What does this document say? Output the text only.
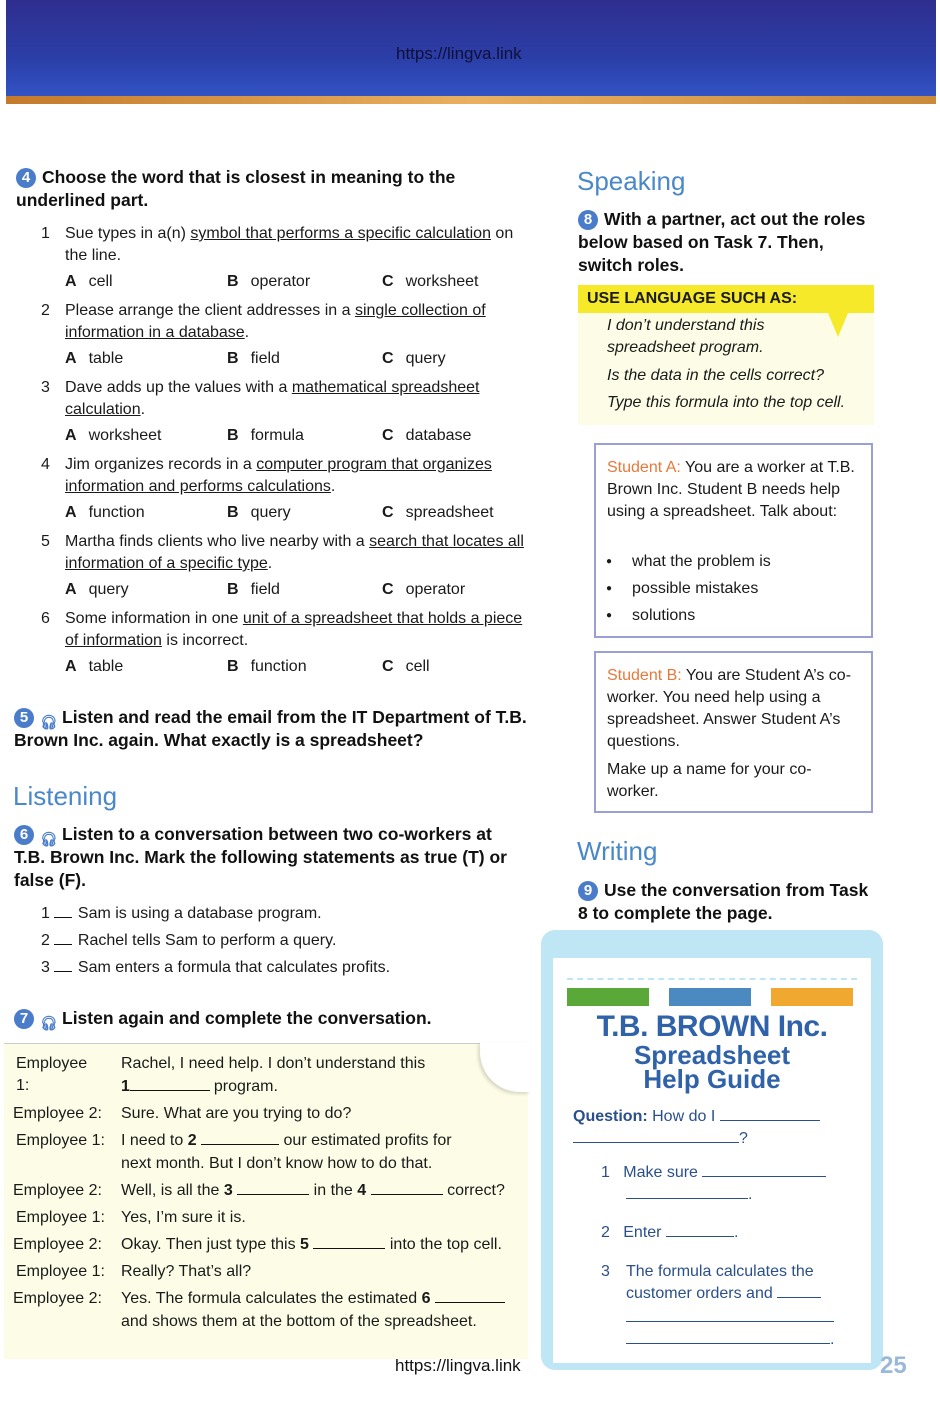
https://lingva.link
4 Choose the word that is closest in meaning to the underlined part.
1 Sue types in a(n) symbol that performs a specific calculation on the line.
A cell	B operator	C worksheet
2 Please arrange the client addresses in a single collection of information in a database.
A table	B field	C query
3 Dave adds up the values with a mathematical spreadsheet calculation.
A worksheet	B formula	C database
4 Jim organizes records in a computer program that organizes information and performs calculations.
A function	B query	C spreadsheet
5 Martha finds clients who live nearby with a search that locates all information of a specific type.
A query	B field	C operator
6 Some information in one unit of a spreadsheet that holds a piece of information is incorrect.
A table	B function	C cell
5 🎧︎ Listen and read the email from the IT Department of T.B. Brown Inc. again. What exactly is a spreadsheet?
Listening
6 🎧︎ Listen to a conversation between two co-workers at T.B. Brown Inc. Mark the following statements as true (T) or false (F).
1 Sam is using a database program.
2 Rachel tells Sam to perform a query.
3 Sam enters a formula that calculates profits.
7 🎧︎ Listen again and complete the conversation.
Employee 1:
Rachel, I need help. I don’t understand this
1	program.
Employee 2: Sure. What are you trying to do?
Employee 1: I need to 2	our estimated profits for
next month. But I don’t know how to do that.
Employee 2: Well, is all the 3	in the 4	correct?
Employee 1: Yes, I’m sure it is.
Employee 2: Okay. Then just type this 5	into the top cell.
Employee 1: Really? That’s all?
Employee 2: Yes. The formula calculates the estimated 6
and shows them at the bottom of the spreadsheet.
Speaking
8 With a partner, act out the roles below based on Task 7. Then, switch roles.
USE LANGUAGE SUCH AS:
I don’t understand this
spreadsheet program.
Is the data in the cells correct?
Type this formula into the top cell.
Student A: You are a worker at T.B. Brown Inc. Student B needs help using a spreadsheet. Talk about:
● what the problem is
● possible mistakes
● solutions
Student B: You are Student A’s co-worker. You need help using a spreadsheet. Answer Student A’s questions.
Make up a name for your co-worker.
Writing
9 Use the conversation from Task 8 to complete the page.
T.B. BROWN Inc.
Spreadsheet
Help Guide
Question: How do I
?
1 Make sure
.
2 Enter	.
3 The formula calculates the customer orders and
.
25
https://lingva.link
